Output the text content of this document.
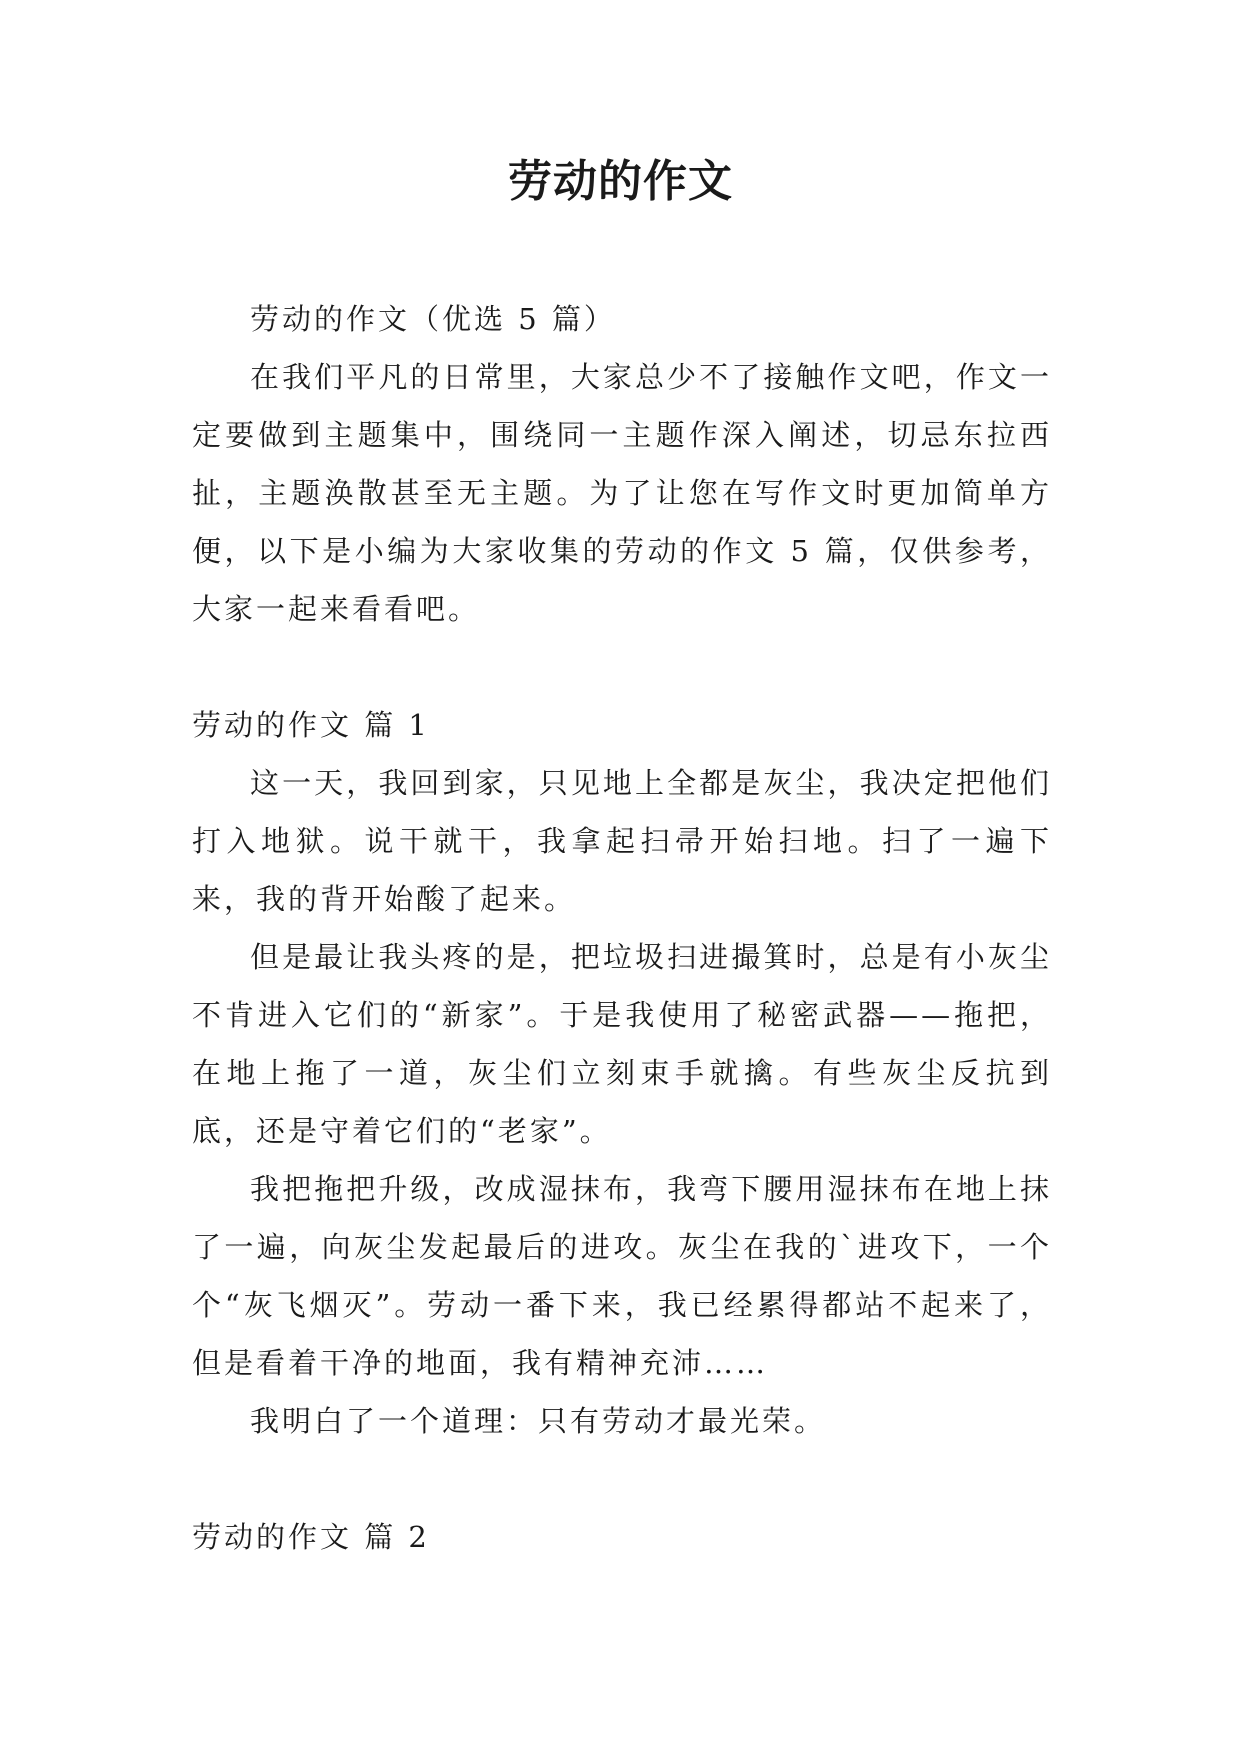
劳动的作文

劳动的作文（优选 5 篇）

在我们平凡的日常里，大家总少不了接触作文吧，作文一定要做到主题集中，围绕同一主题作深入阐述，切忌东拉西扯，主题涣散甚至无主题。为了让您在写作文时更加简单方便，以下是小编为大家收集的劳动的作文 5 篇，仅供参考，大家一起来看看吧。

劳动的作文 篇 1

这一天，我回到家，只见地上全都是灰尘，我决定把他们打入地狱。说干就干，我拿起扫帚开始扫地。扫了一遍下来，我的背开始酸了起来。

但是最让我头疼的是，把垃圾扫进撮箕时，总是有小灰尘不肯进入它们的“新家”。于是我使用了秘密武器——拖把，在地上拖了一道，灰尘们立刻束手就擒。有些灰尘反抗到底，还是守着它们的“老家”。

我把拖把升级，改成湿抹布，我弯下腰用湿抹布在地上抹了一遍，向灰尘发起最后的进攻。灰尘在我的`进攻下，一个个“灰飞烟灭”。劳动一番下来，我已经累得都站不起来了，但是看着干净的地面，我有精神充沛……

我明白了一个道理：只有劳动才最光荣。

劳动的作文 篇 2
